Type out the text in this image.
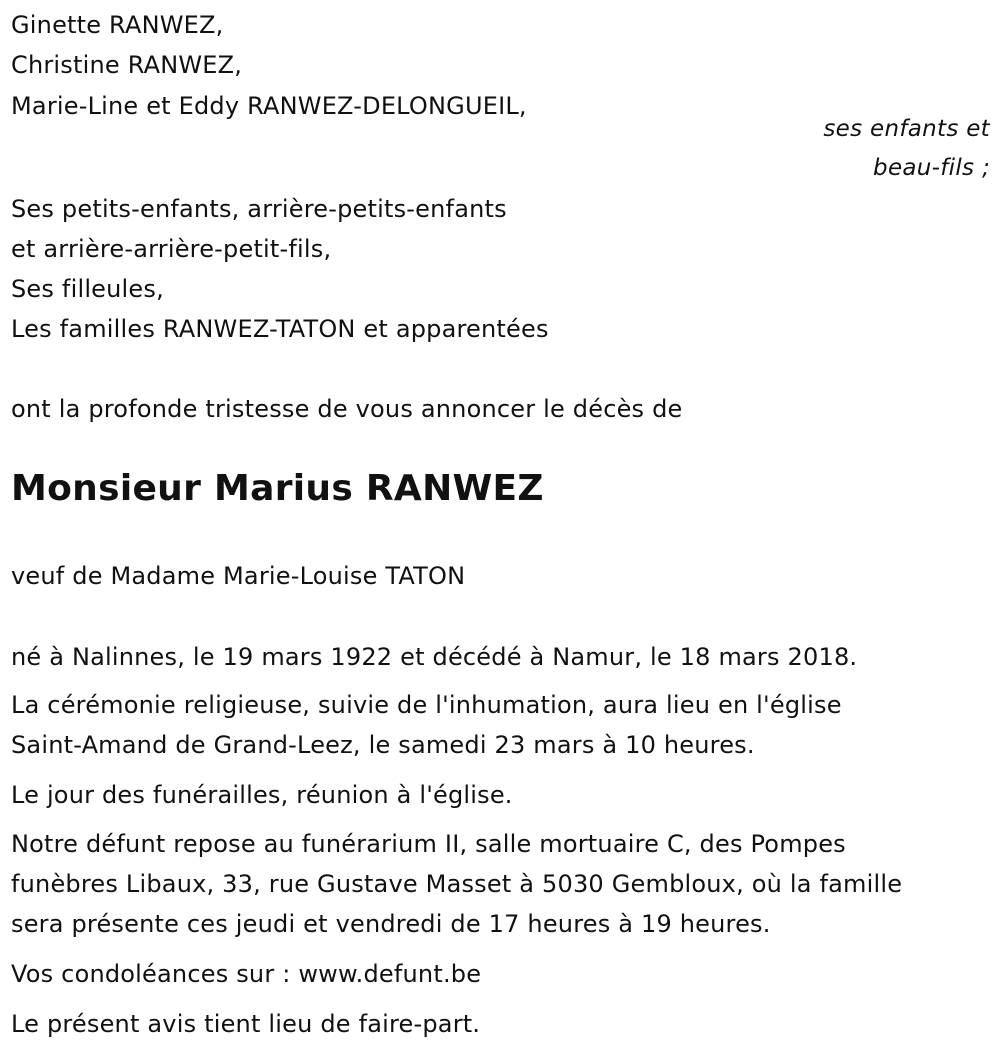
Ginette RANWEZ,
Christine RANWEZ,
Marie-Line et Eddy RANWEZ-DELONGUEIL,
ses enfants et
beau-fils ;
Ses petits-enfants, arrière-petits-enfants
et arrière-arrière-petit-fils,
Ses filleules,
Les familles RANWEZ-TATON et apparentées
ont la profonde tristesse de vous annoncer le décès de
Monsieur Marius RANWEZ
veuf de Madame Marie-Louise TATON
né à Nalinnes, le 19 mars 1922 et décédé à Namur, le 18 mars 2018.
La cérémonie religieuse, suivie de l'inhumation, aura lieu en l'église
Saint-Amand de Grand-Leez, le samedi 23 mars à 10 heures.
Le jour des funérailles, réunion à l'église.
Notre défunt repose au funérarium II, salle mortuaire C, des Pompes
funèbres Libaux, 33, rue Gustave Masset à 5030 Gembloux, où la famille
sera présente ces jeudi et vendredi de 17 heures à 19 heures.
Vos condoléances sur : www.defunt.be
Le présent avis tient lieu de faire-part.
